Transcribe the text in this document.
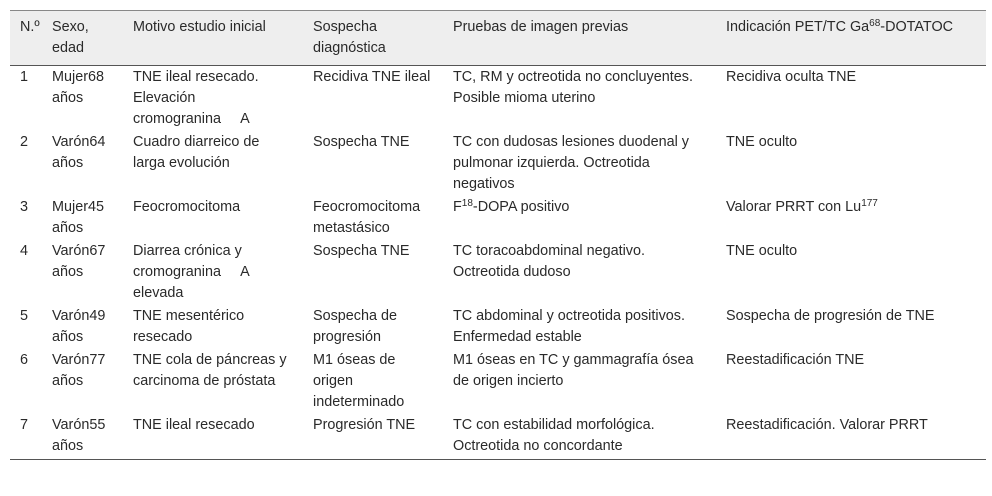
N.º	Sexo, edad	Motivo estudio inicial	Sospecha diagnóstica	Pruebas de imagen previas	Indicación PET/TC Ga$^{68}$-DOTATOC
1	Mujer68 años	TNE ileal resecado. Elevación cromogranina     A	Recidiva TNE ileal	TC, RM y octreotida no concluyentes. Posible mioma uterino	Recidiva oculta TNE
2	Varón64 años	Cuadro diarreico de larga evolución	Sospecha TNE	TC con dudosas lesiones duodenal y pulmonar izquierda. Octreotida negativos	TNE oculto
3	Mujer45 años	Feocromocitoma	Feocromocitoma metastásico	$F^{18}$-DOPA positivo	Valorar PRRT con Lu$^{177}$
4	Varón67 años	Diarrea crónica y cromogranina     A elevada	Sospecha TNE	TC toracoabdominal negativo. Octreotida dudoso	TNE oculto
5	Varón49 años	TNE mesentérico resecado	Sospecha de progresión	TC abdominal y octreotida positivos. Enfermedad estable	Sospecha de progresión de TNE
6	Varón77 años	TNE cola de páncreas y carcinoma de próstata	M1 óseas de origen indeterminado	M1 óseas en TC y gammagrafía ósea de origen incierto	Reestadificación TNE
7	Varón55 años	TNE ileal resecado	Progresión TNE	TC con estabilidad morfológica. Octreotida no concordante	Reestadificación. Valorar PRRT
